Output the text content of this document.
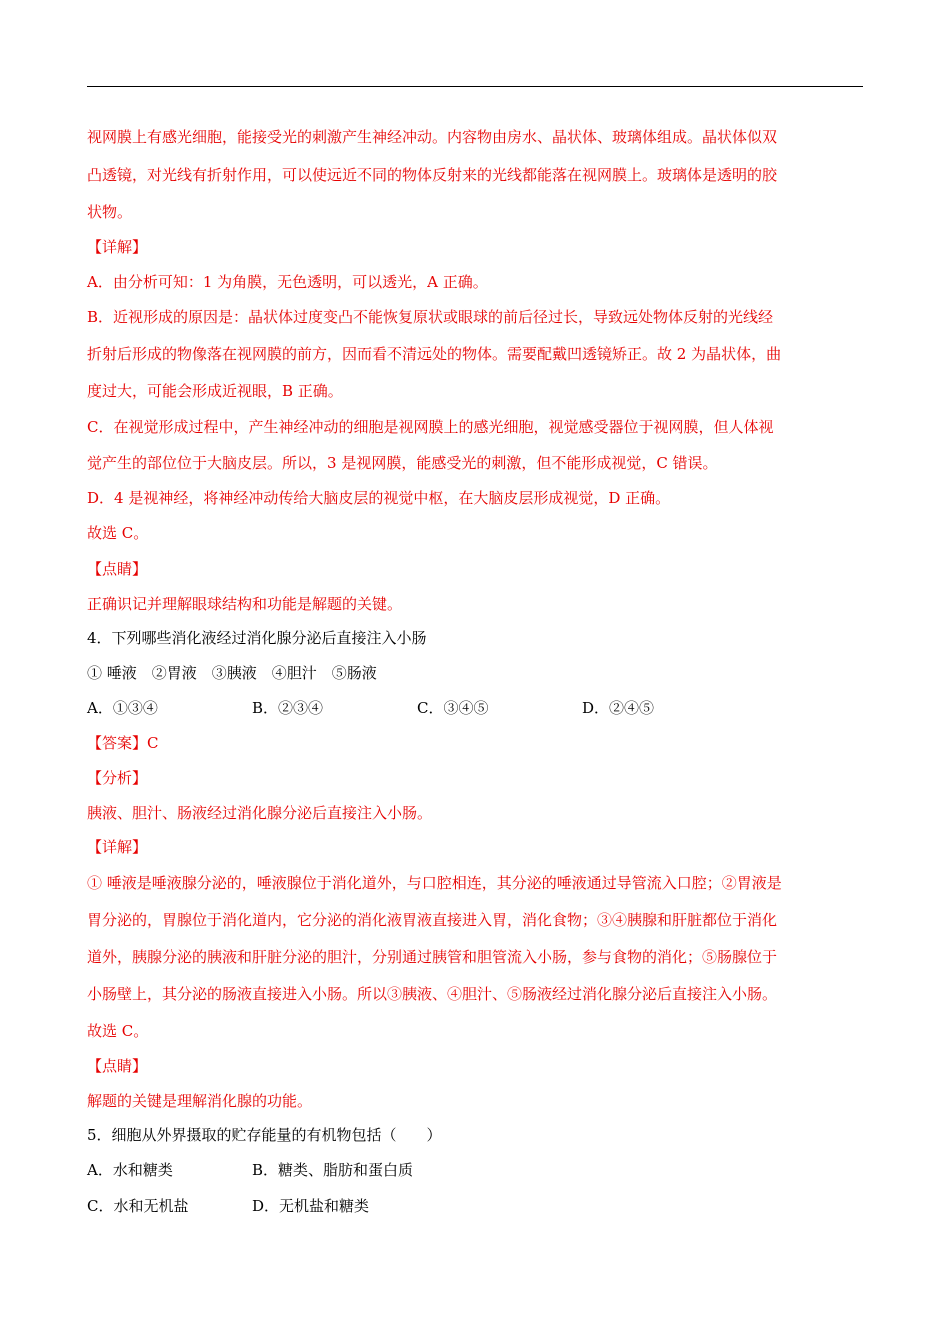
视网膜上有感光细胞，能接受光的刺激产生神经冲动。内容物由房水、晶状体、玻璃体组成。晶状体似双
凸透镜，对光线有折射作用，可以使远近不同的物体反射来的光线都能落在视网膜上。玻璃体是透明的胶
状物。
【详解】
A．由分析可知：1 为角膜，无色透明，可以透光，A 正确。
B．近视形成的原因是：晶状体过度变凸不能恢复原状或眼球的前后径过长，导致远处物体反射的光线经
折射后形成的物像落在视网膜的前方，因而看不清远处的物体。需要配戴凹透镜矫正。故 2 为晶状体，曲
度过大，可能会形成近视眼，B 正确。
C．在视觉形成过程中，产生神经冲动的细胞是视网膜上的感光细胞，视觉感受器位于视网膜，但人体视
觉产生的部位位于大脑皮层。所以，3 是视网膜，能感受光的刺激，但不能形成视觉，C 错误。
D．4 是视神经，将神经冲动传给大脑皮层的视觉中枢，在大脑皮层形成视觉，D 正确。
故选 C。
【点睛】
正确识记并理解眼球结构和功能是解题的关键。
4．下列哪些消化液经过消化腺分泌后直接注入小肠
① 唾液　②胃液　③胰液　④胆汁　⑤肠液
A．①③④	B．②③④	C．③④⑤	D．②④⑤
【答案】C
【分析】
胰液、胆汁、肠液经过消化腺分泌后直接注入小肠。
【详解】
① 唾液是唾液腺分泌的，唾液腺位于消化道外，与口腔相连，其分泌的唾液通过导管流入口腔；②胃液是
胃分泌的，胃腺位于消化道内，它分泌的消化液胃液直接进入胃，消化食物；③④胰腺和肝脏都位于消化
道外，胰腺分泌的胰液和肝脏分泌的胆汁，分别通过胰管和胆管流入小肠，参与食物的消化；⑤肠腺位于
小肠壁上，其分泌的肠液直接进入小肠。所以③胰液、④胆汁、⑤肠液经过消化腺分泌后直接注入小肠。
故选 C。
【点睛】
解题的关键是理解消化腺的功能。
5．细胞从外界摄取的贮存能量的有机物包括（　　）
A．水和糖类	B．糖类、脂肪和蛋白质
C．水和无机盐	D．无机盐和糖类
